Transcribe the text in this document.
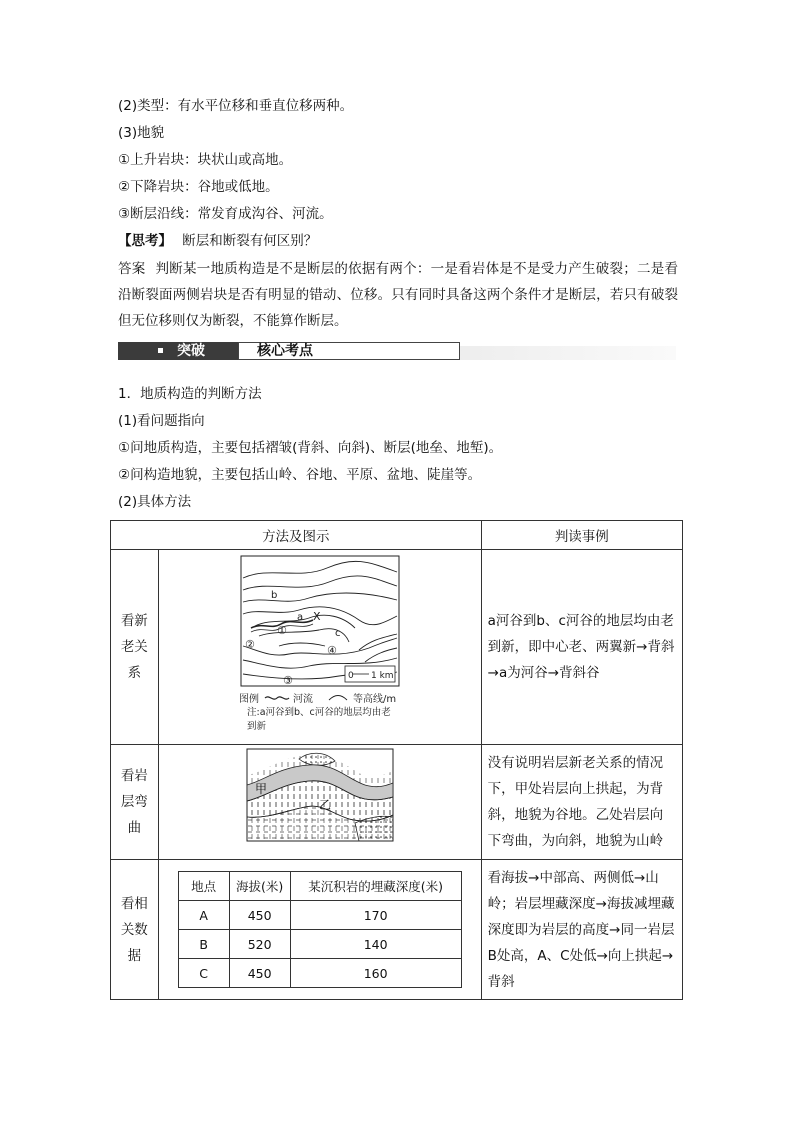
(2)类型：有水平位移和垂直位移两种。
(3)地貌
①上升岩块：块状山或高地。
②下降岩块：谷地或低地。
③断层沿线：常发育成沟谷、河流。
【思考】 断层和断裂有何区别？
答案 判断某一地质构造是不是断层的依据有两个：一是看岩体是不是受力产生破裂；二是看沿断裂面两侧岩块是否有明显的错动、位移。只有同时具备这两个条件才是断层，若只有破裂但无位移则仅为断裂，不能算作断层。
突破	核心考点
1．地质构造的判断方法
(1)看问题指向
①问地质构造，主要包括褶皱(背斜、向斜)、断层(地垒、地堑)。
②问构造地貌，主要包括山岭、谷地、平原、盆地、陡崖等。
(2)具体方法
方法及图示	判读事例

看新老关系

b
a X
c
①
②
③
④
0 1 km
图例	河流	等高线/m
注:a河谷到b、c河谷的地层均由老到新
	a河谷到b、c河谷的地层均由老到新，即中心老、两翼新→背斜→a为河谷→背斜谷

看岩层弯曲

甲
乙
	没有说明岩层新老关系的情况下，甲处岩层向上拱起，为背斜，地貌为谷地。乙处岩层向下弯曲，为向斜，地貌为山岭

看相关数据

地点	海拔(米)	某沉积岩的埋藏深度(米)
A	450	170
B	520	140
C	450	160
	看海拔→中部高、两侧低→山岭；岩层埋藏深度→海拔减埋藏深度即为岩层的高度→同一岩层B处高，A、C处低→向上拱起→背斜
